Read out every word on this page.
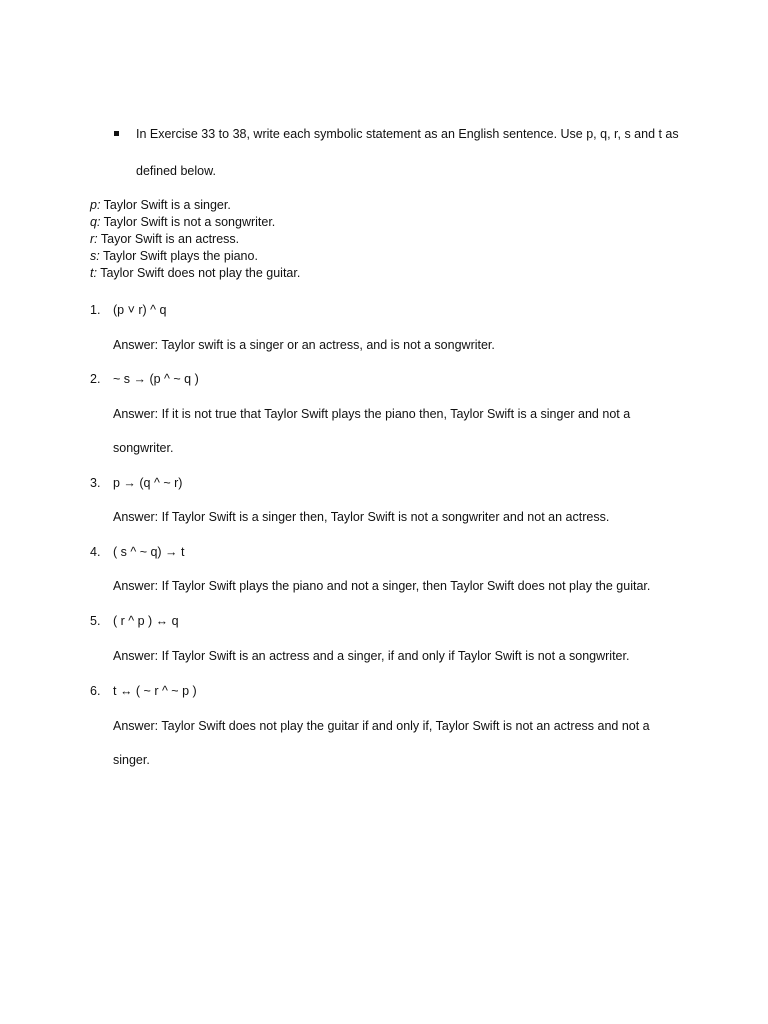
In Exercise 33 to 38, write each symbolic statement as an English sentence. Use p, q, r, s and t as
defined below.
p: Taylor Swift is a singer.
q: Taylor Swift is not a songwriter.
r: Tayor Swift is an actress.
s: Taylor Swift plays the piano.
t: Taylor Swift does not play the guitar.
1. (p ˅ r) ^ q
Answer: Taylor swift is a singer or an actress, and is not a songwriter.
2. ~ s → (p ^ ~ q )
Answer: If it is not true that Taylor Swift plays the piano then, Taylor Swift is a singer and not a
songwriter.
3. p → (q ^ ~ r)
Answer: If Taylor Swift is a singer then, Taylor Swift is not a songwriter and not an actress.
4. ( s ^ ~ q) → t
Answer: If Taylor Swift plays the piano and not a singer, then Taylor Swift does not play the guitar.
5. ( r ^ p ) ↔ q
Answer: If Taylor Swift is an actress and a singer, if and only if Taylor Swift is not a songwriter.
6. t ↔ ( ~ r ^ ~ p )
Answer: Taylor Swift does not play the guitar if and only if, Taylor Swift is not an actress and not a
singer.
